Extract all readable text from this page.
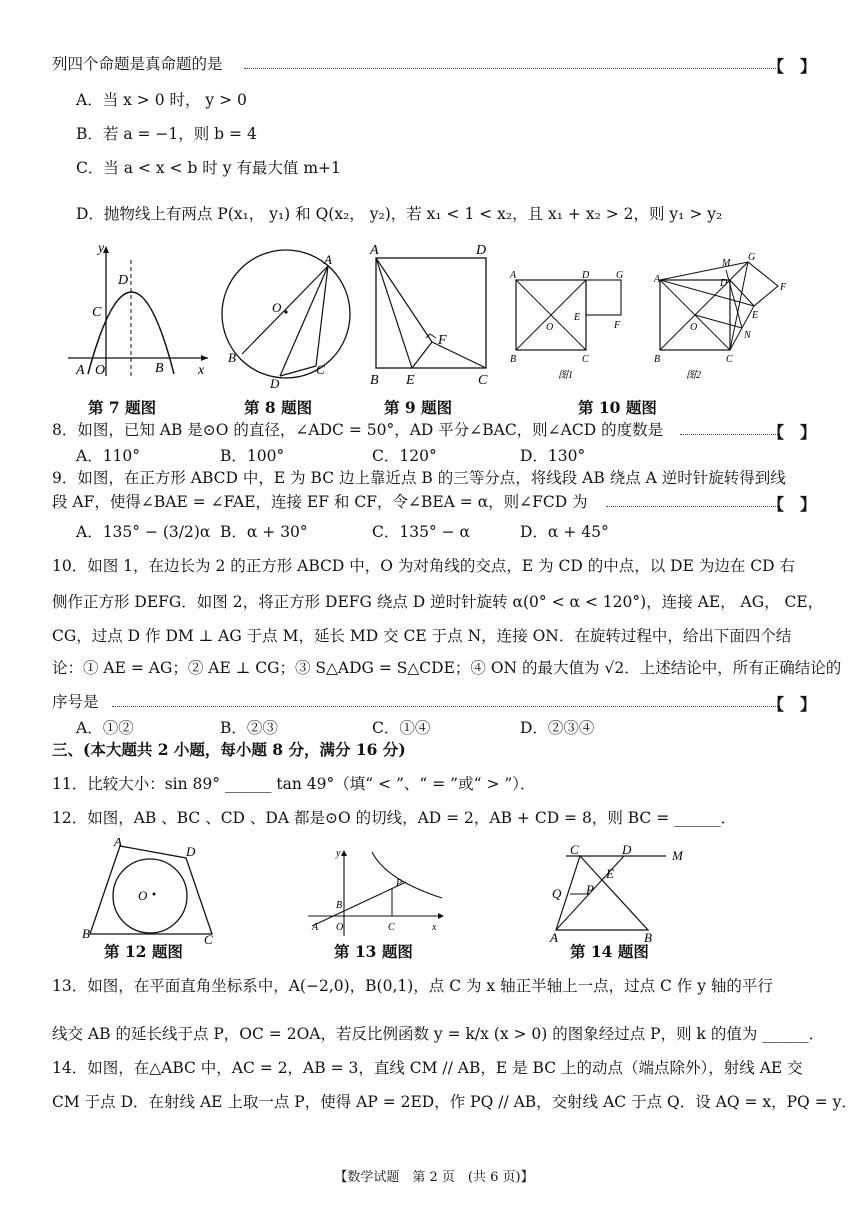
列四个命题是真命题的是	【　】
A．当 x > 0 时， y > 0
B．若 a = −1，则 b = 4
C．当 a < x < b 时 y 有最大值 m+1
D．抛物线上有两点 P(x₁， y₁) 和 Q(x₂， y₂)，若 x₁ < 1 < x₂，且 x₁ + x₂ > 2，则 y₁ > y₂
y
D
C
A O	B x
A
O
B
D
C
A	D
F
B E	C
A	D	G
O
E
F
B	C
图1
A	D
M
G
F
E
N
O
B	C
图2
第 7 题图	第 8 题图	第 9 题图	第 10 题图
8．如图，已知 AB 是⊙O 的直径，∠ADC = 50°，AD 平分∠BAC，则∠ACD 的度数是	【　】
A．110°	B．100°	C．120°	D．130°
9．如图，在正方形 ABCD 中，E 为 BC 边上靠近点 B 的三等分点，将线段 AB 绕点 A 逆时针旋转得到线
段 AF，使得∠BAE = ∠FAE，连接 EF 和 CF，令∠BEA = α，则∠FCD 为	【　】
A．135° − (3/2)α B．α + 30°	C．135° − α	D．α + 45°
10．如图 1，在边长为 2 的正方形 ABCD 中，O 为对角线的交点，E 为 CD 的中点，以 DE 为边在 CD 右
侧作正方形 DEFG．如图 2，将正方形 DEFG 绕点 D 逆时针旋转 α(0° < α < 120°)，连接 AE， AG， CE，
CG，过点 D 作 DM ⊥ AG 于点 M，延长 MD 交 CE 于点 N，连接 ON．在旋转过程中，给出下面四个结
论：① AE = AG；② AE ⊥ CG；③ S△ADG = S△CDE；④ ON 的最大值为 √2．上述结论中，所有正确结论的
序号是	【　】
A．①②	B．②③	C．①④	D．②③④
三、(本大题共 2 小题，每小题 8 分，满分 16 分)
11．比较大小：sin 89° ______ tan 49°（填“ < ”、“ = ”或“ > ”）．
12．如图，AB 、BC 、CD 、DA 都是⊙O 的切线，AD = 2，AB + CD = 8，则 BC = ______．
A
D
O
B	C
y
P
B
A O	C	x
C	D	M
E
Q P
A	B
第 12 题图	第 13 题图	第 14 题图
13．如图，在平面直角坐标系中，A(−2,0)，B(0,1)，点 C 为 x 轴正半轴上一点，过点 C 作 y 轴的平行
线交 AB 的延长线于点 P，OC = 2OA，若反比例函数 y = k/x (x > 0) 的图象经过点 P，则 k 的值为 ______．
14．如图，在△ABC 中，AC = 2，AB = 3，直线 CM // AB，E 是 BC 上的动点（端点除外），射线 AE 交
CM 于点 D．在射线 AE 上取一点 P，使得 AP = 2ED，作 PQ // AB，交射线 AC 于点 Q．设 AQ = x，PQ = y．
【数学试题　第 2 页　(共 6 页)】
